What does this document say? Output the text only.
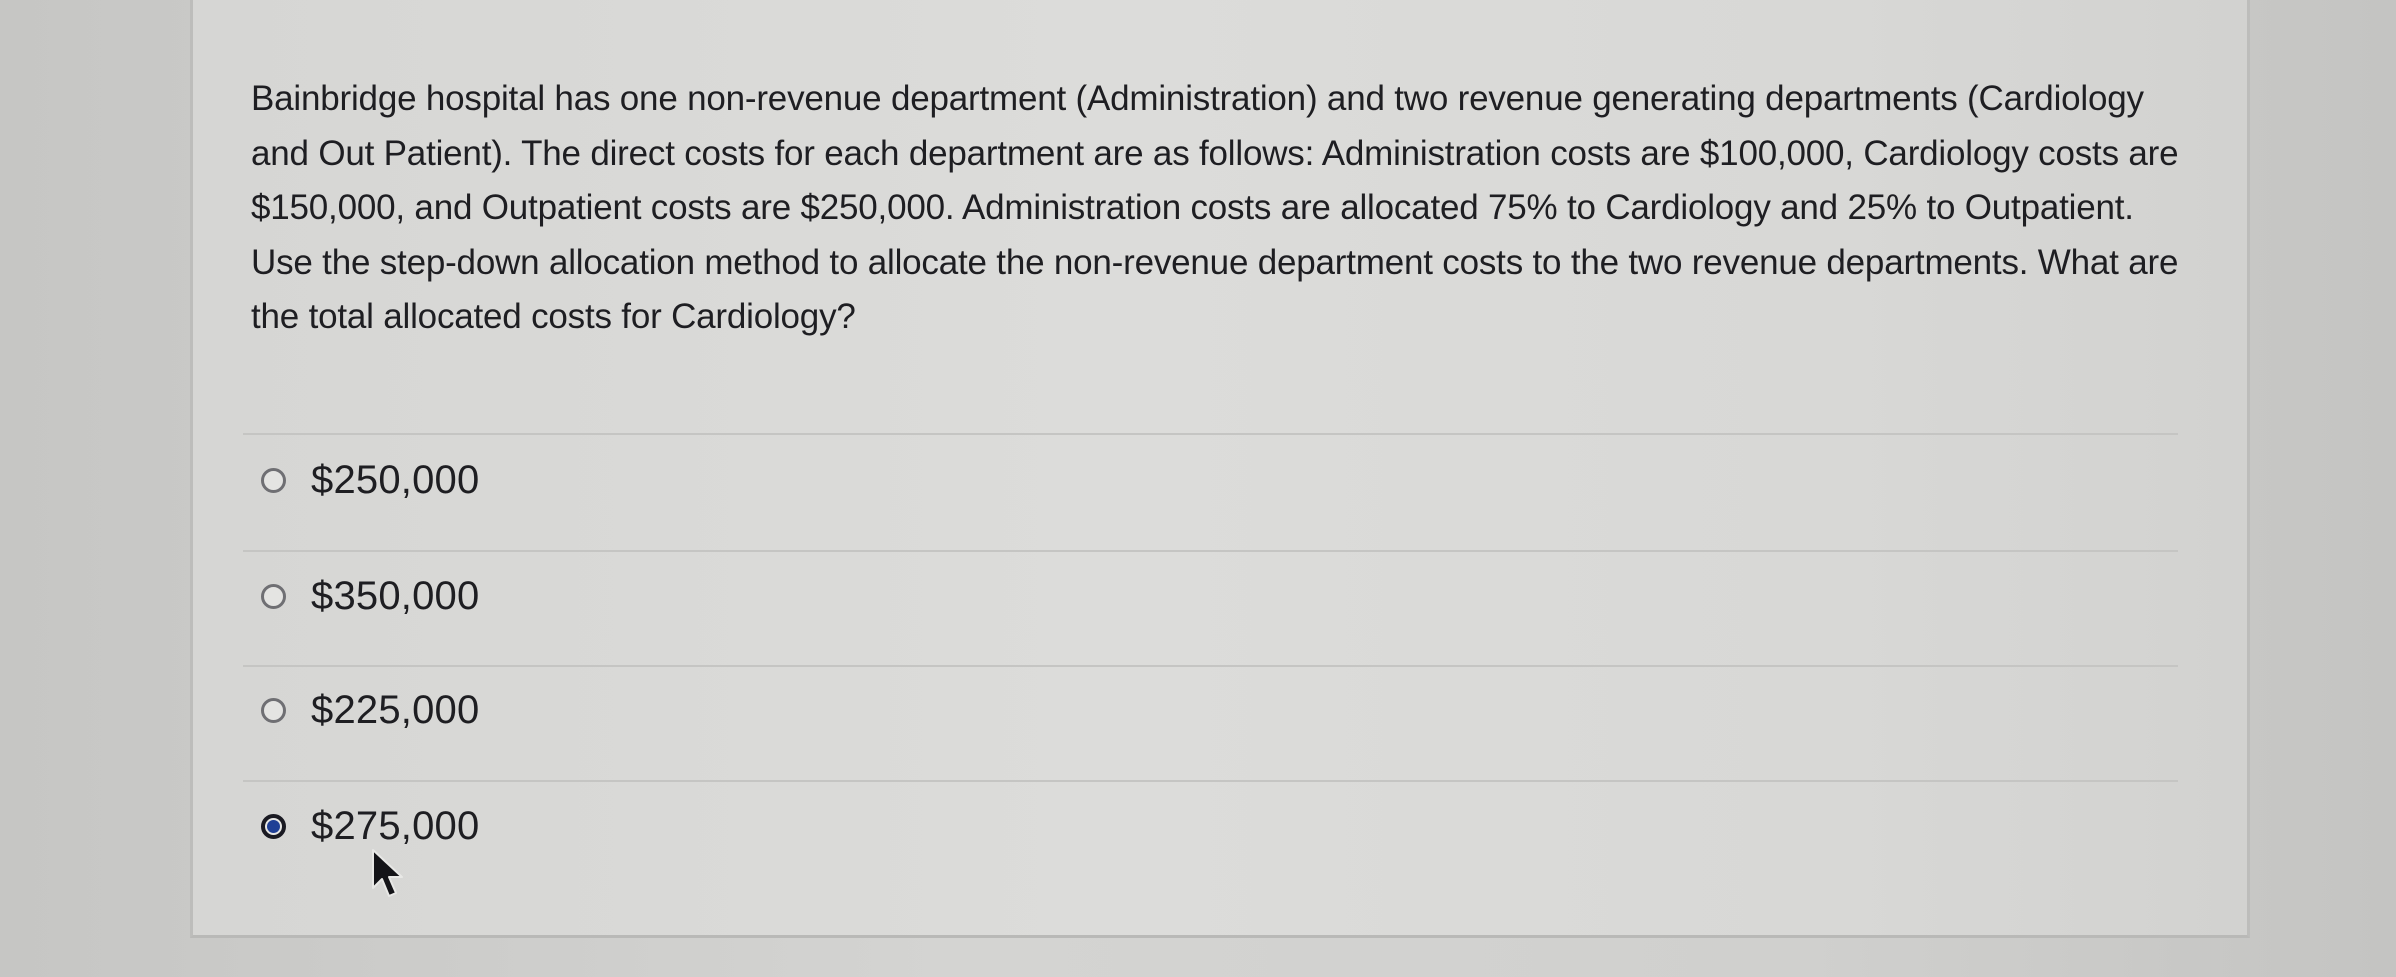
Bainbridge hospital has one non-revenue department (Administration) and two revenue generating departments (Cardiology and Out Patient). The direct costs for each department are as follows: Administration costs are $100,000, Cardiology costs are $150,000, and Outpatient costs are $250,000. Administration costs are allocated 75% to Cardiology and 25% to Outpatient. Use the step-down allocation method to allocate the non-revenue department costs to the two revenue departments. What are the total allocated costs for Cardiology?

$250,000
$350,000
$225,000
$275,000
